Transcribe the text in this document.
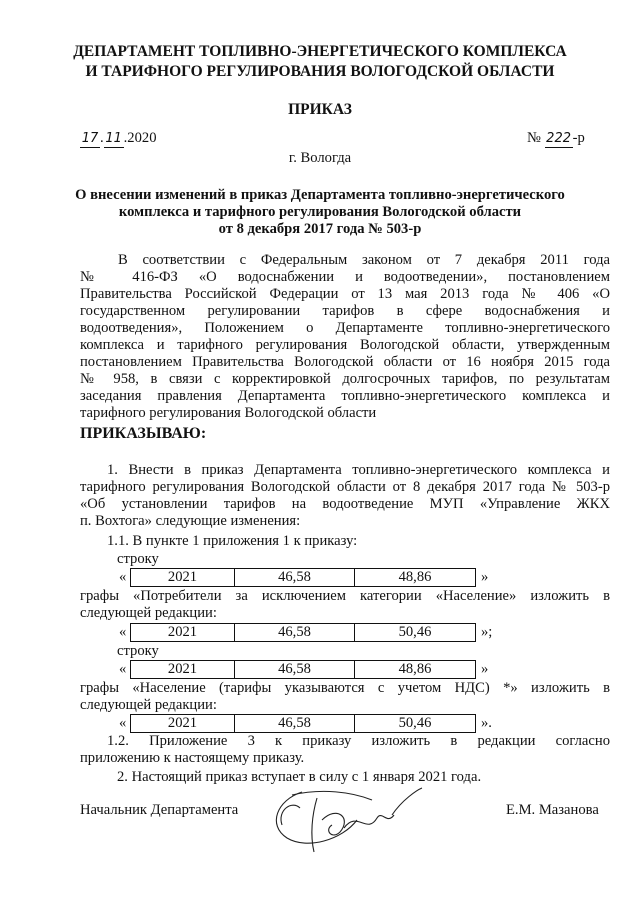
ДЕПАРТАМЕНТ ТОПЛИВНО-ЭНЕРГЕТИЧЕСКОГО КОМПЛЕКСА
И ТАРИФНОГО РЕГУЛИРОВАНИЯ ВОЛОГОДСКОЙ ОБЛАСТИ
ПРИКАЗ
17 . 11 .2020	№ 222 -р
г. Вологда
О внесении изменений в приказ Департамента топливно-энергетического
комплекса и тарифного регулирования Вологодской области
от 8 декабря 2017 года № 503-р
В соответствии с Федеральным законом от 7 декабря 2011 года
№ 416-ФЗ «О водоснабжении и водоотведении», постановлением
Правительства Российской Федерации от 13 мая 2013 года № 406 «О
государственном регулировании тарифов в сфере водоснабжения и
водоотведения», Положением о Департаменте топливно-энергетического
комплекса и тарифного регулирования Вологодской области, утвержденным
постановлением Правительства Вологодской области от 16 ноября 2015 года
№ 958, в связи с корректировкой долгосрочных тарифов, по результатам
заседания правления Департамента топливно-энергетического комплекса и
тарифного регулирования Вологодской области
ПРИКАЗЫВАЮ:
1. Внести в приказ Департамента топливно-энергетического комплекса и
тарифного регулирования Вологодской области от 8 декабря 2017 года № 503-р
«Об установлении тарифов на водоотведение МУП «Управление ЖКХ
п. Вохтога» следующие изменения:
1.1. В пункте 1 приложения 1 к приказу:
строку
«	2021	46,58	48,86	»
графы «Потребители за исключением категории «Население» изложить в
следующей редакции:
«	2021	46,58	50,46	»;
строку
«	2021	46,58	48,86	»
графы «Население (тарифы указываются с учетом НДС) *» изложить в
следующей редакции:
«	2021	46,58	50,46	».
1.2. Приложение 3 к приказу изложить в редакции согласно
приложению к настоящему приказу.
2. Настоящий приказ вступает в силу с 1 января 2021 года.
Начальник Департамента	Е.М. Мазанова
